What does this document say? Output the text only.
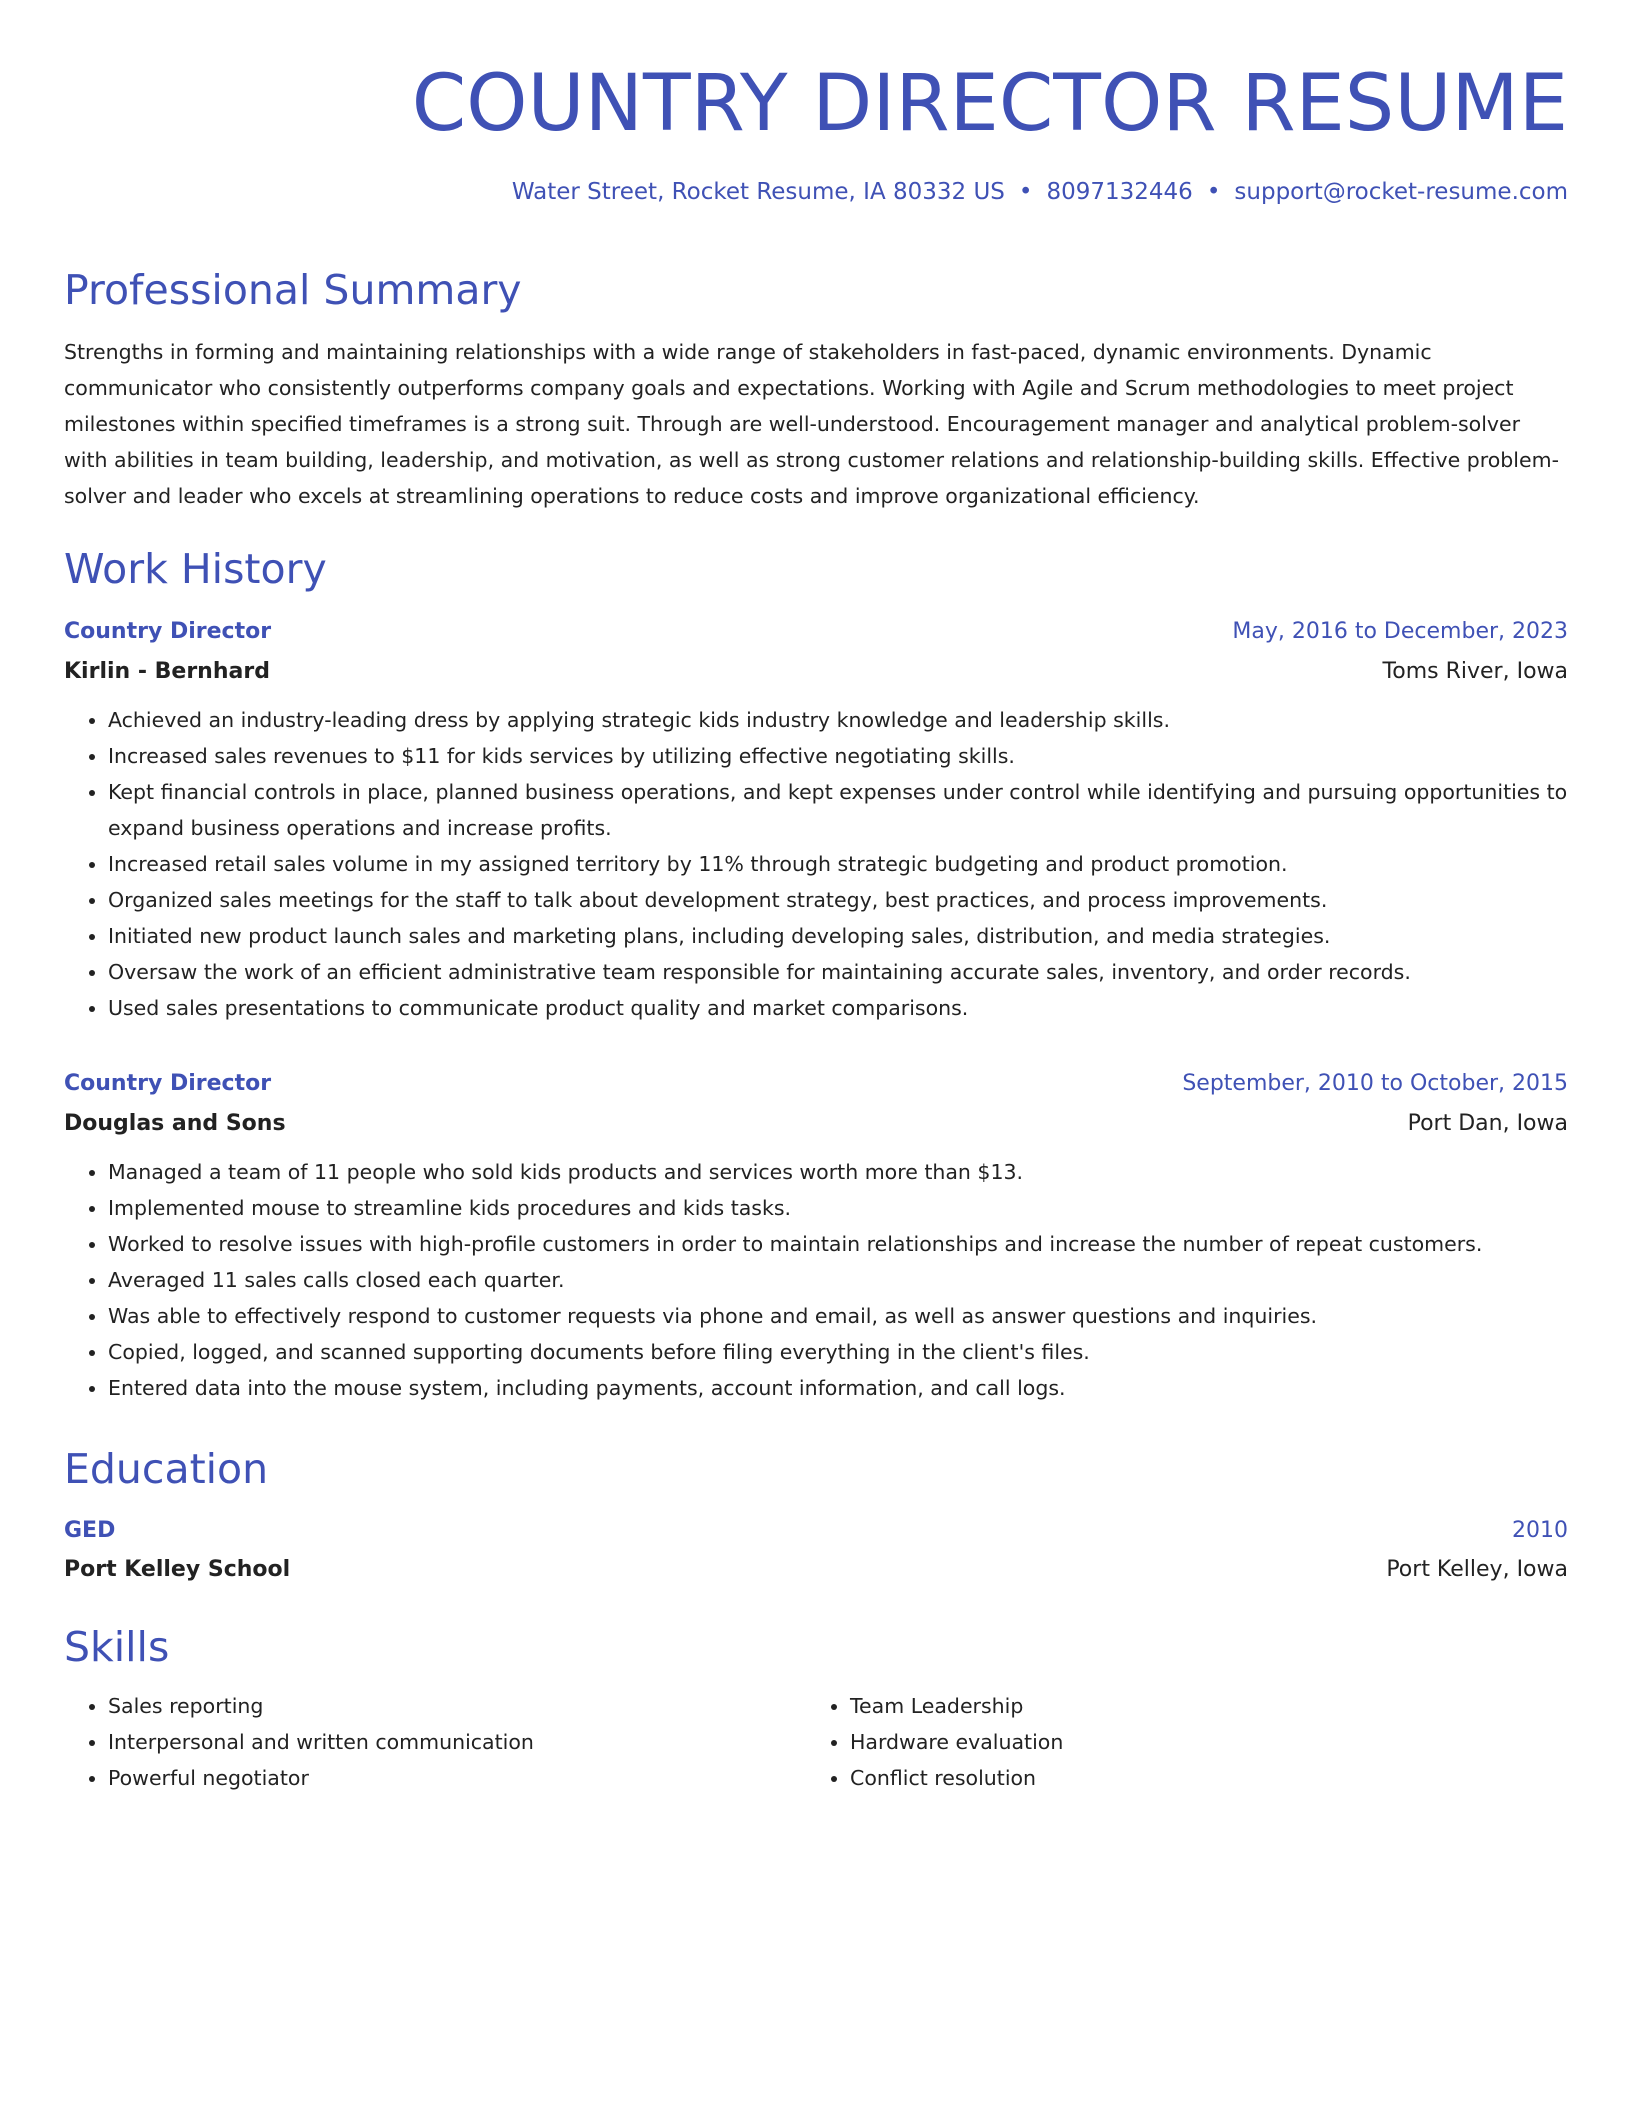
COUNTRY DIRECTOR RESUME
Water Street, Rocket Resume, IA 80332 US • 8097132446 • support@rocket-resume.com
Professional Summary

Strengths in forming and maintaining relationships with a wide range of stakeholders in fast-paced, dynamic environments. Dynamic communicator who consistently outperforms company goals and expectations. Working with Agile and Scrum methodologies to meet project milestones within specified timeframes is a strong suit. Through are well-understood. Encouragement manager and analytical problem-solver with abilities in team building, leadership, and motivation, as well as strong customer relations and relationship-building skills. Effective problem-solver and leader who excels at streamlining operations to reduce costs and improve organizational efficiency.

Work History
Country Director	May, 2016 to December, 2023
Kirlin - Bernhard	Toms River, Iowa
• Achieved an industry-leading dress by applying strategic kids industry knowledge and leadership skills.
• Increased sales revenues to $11 for kids services by utilizing effective negotiating skills.
• Kept financial controls in place, planned business operations, and kept expenses under control while identifying and pursuing opportunities to expand business operations and increase profits.
• Increased retail sales volume in my assigned territory by 11% through strategic budgeting and product promotion.
• Organized sales meetings for the staff to talk about development strategy, best practices, and process improvements.
• Initiated new product launch sales and marketing plans, including developing sales, distribution, and media strategies.
• Oversaw the work of an efficient administrative team responsible for maintaining accurate sales, inventory, and order records.
• Used sales presentations to communicate product quality and market comparisons.
Country Director	September, 2010 to October, 2015
Douglas and Sons	Port Dan, Iowa
• Managed a team of 11 people who sold kids products and services worth more than $13.
• Implemented mouse to streamline kids procedures and kids tasks.
• Worked to resolve issues with high-profile customers in order to maintain relationships and increase the number of repeat customers.
• Averaged 11 sales calls closed each quarter.
• Was able to effectively respond to customer requests via phone and email, as well as answer questions and inquiries.
• Copied, logged, and scanned supporting documents before filing everything in the client's files.
• Entered data into the mouse system, including payments, account information, and call logs.
Education
GED	2010
Port Kelley School	Port Kelley, Iowa
Skills
• Sales reporting
• Interpersonal and written communication
• Powerful negotiator
• Team Leadership
• Hardware evaluation
• Conflict resolution
